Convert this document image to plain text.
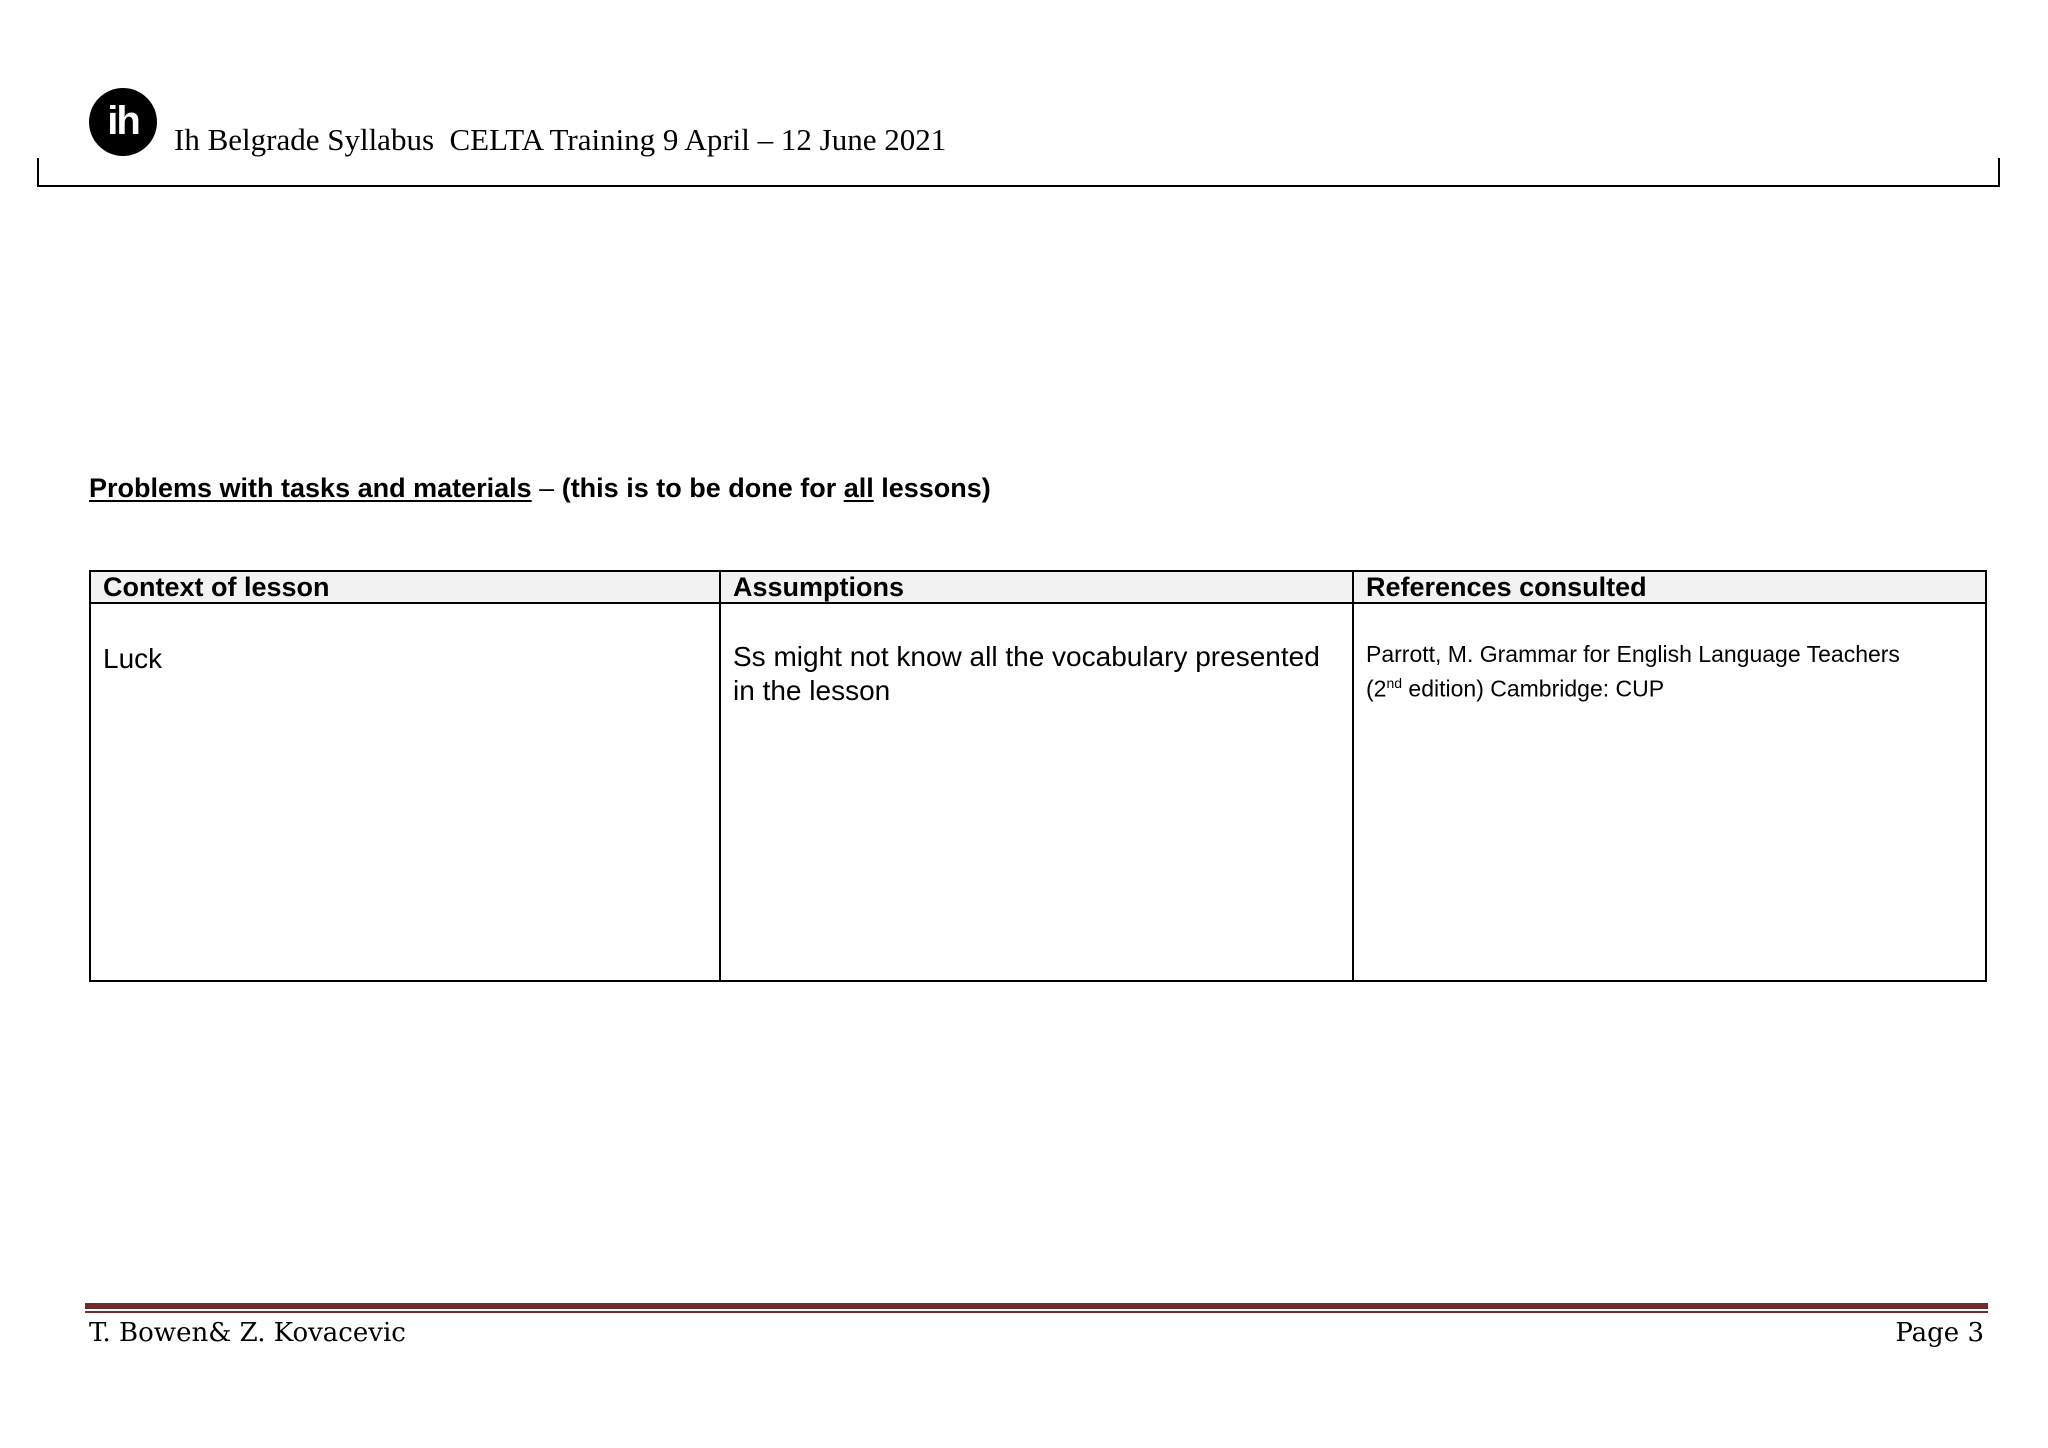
ih	Ih Belgrade Syllabus  CELTA Training 9 April – 12 June 2021
Problems with tasks and materials – (this is to be done for all lessons)
Context of lesson	Assumptions	References consulted
Luck	Ss might not know all the vocabulary presented in the lesson	Parrott, M. Grammar for English Language Teachers
(2nd edition) Cambridge: CUP
T. Bowen& Z. Kovacevic	Page 3
